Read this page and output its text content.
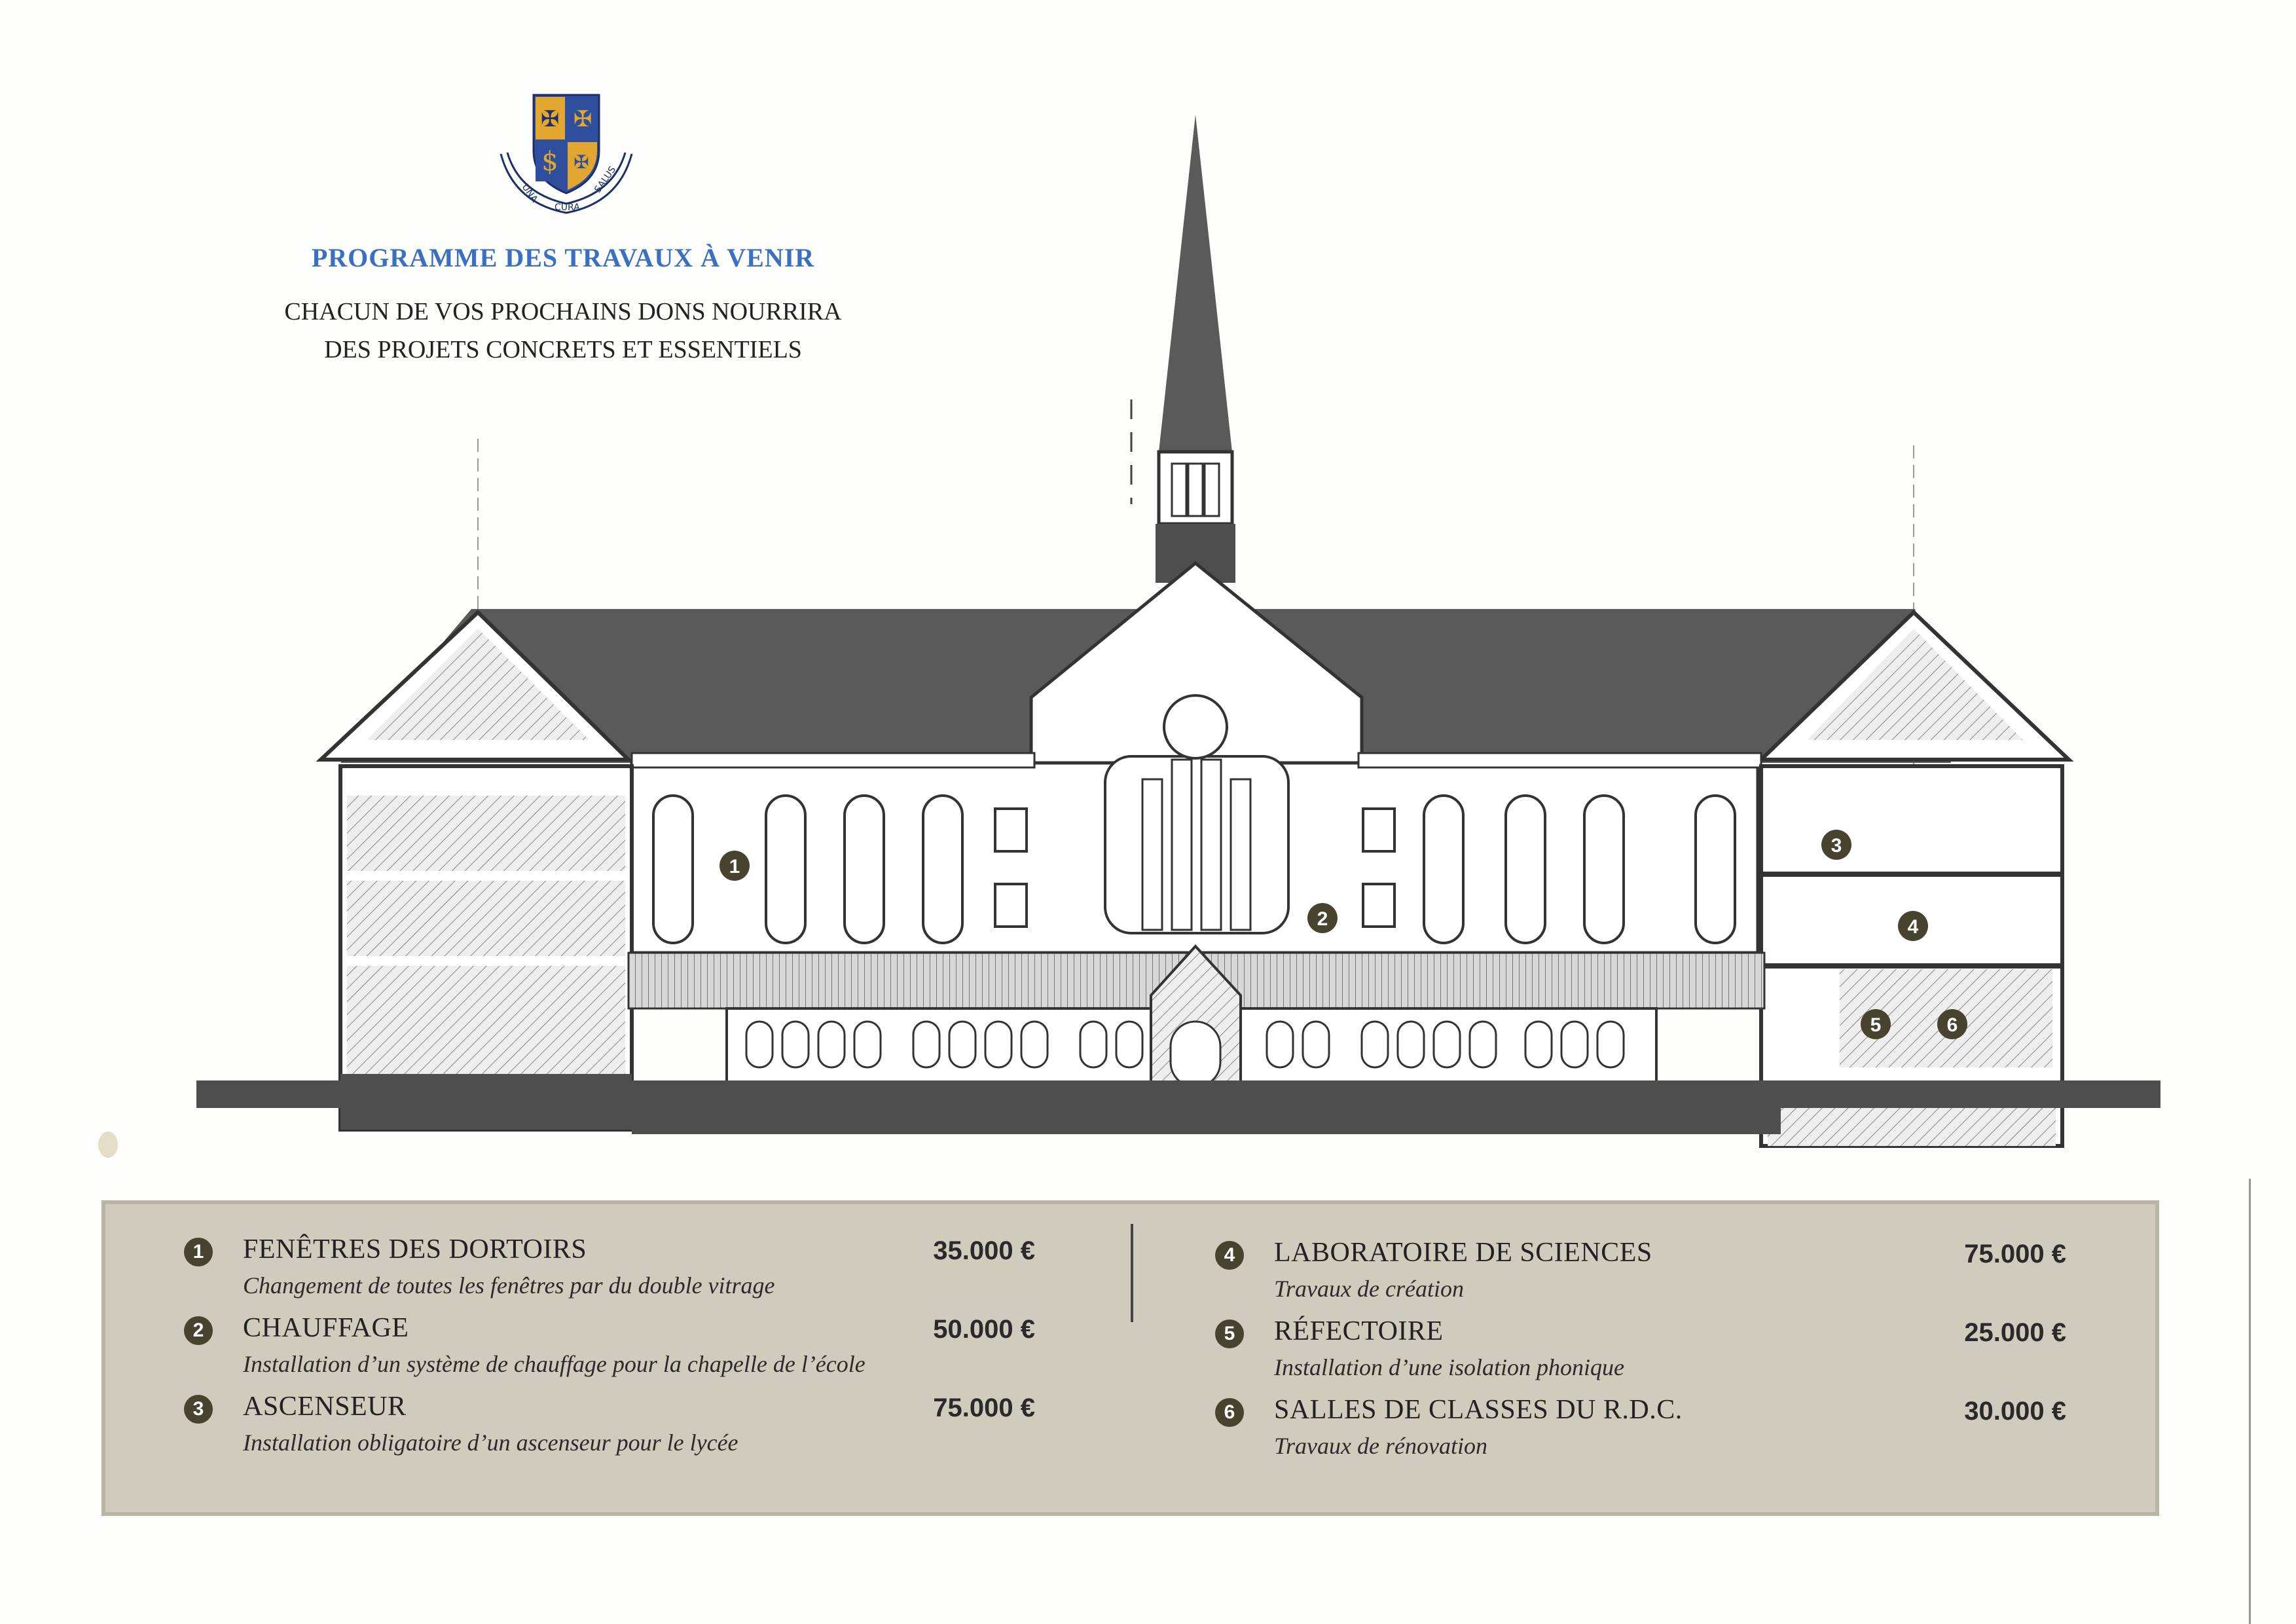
✠ ✠
$ ✠
UNA
CURA
SALUS
PROGRAMME DES TRAVAUX À VENIR
CHACUN DE VOS PROCHAINS DONS NOURRIRA
DES PROJETS CONCRETS ET ESSENTIELS
1
2
3
4
5	6
1	FENÊTRES DES DORTOIRS
Changement de toutes les fenêtres par du double vitrage
35.000 €
2	CHAUFFAGE
Installation d’un système de chauffage pour la chapelle de l’école
50.000 €
3	ASCENSEUR
Installation obligatoire d’un ascenseur pour le lycée
75.000 €
4	LABORATOIRE DE SCIENCES
Travaux de création
75.000 €
5	RÉFECTOIRE
Installation d’une isolation phonique
25.000 €
6	SALLES DE CLASSES DU R.D.C.
Travaux de rénovation
30.000 €
